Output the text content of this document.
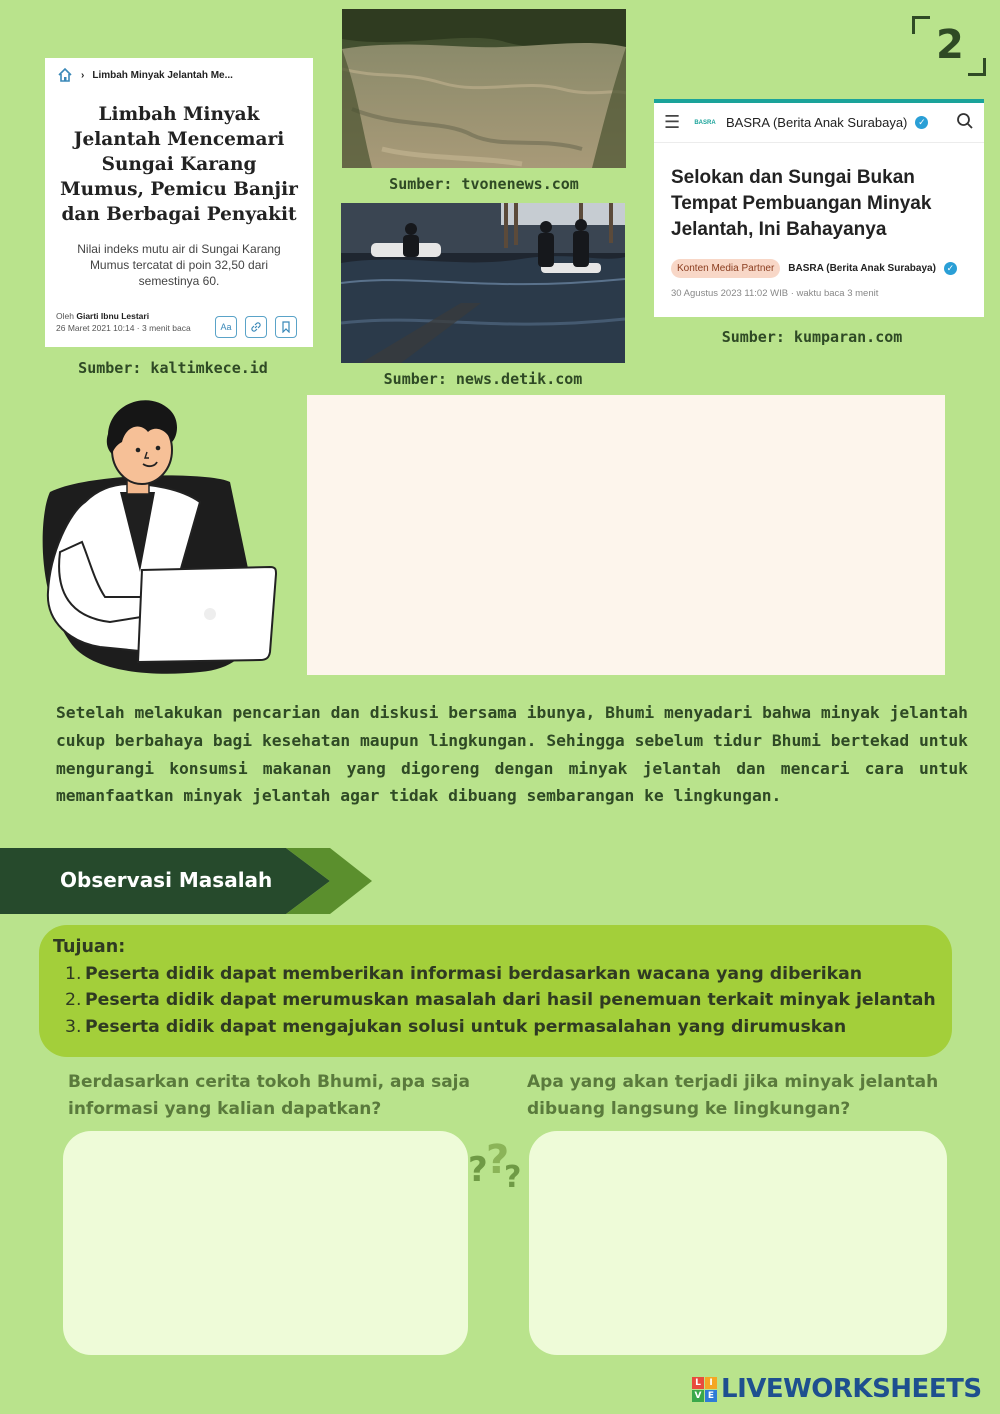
2
› Limbah Minyak Jelantah Me...
Limbah Minyak Jelantah Mencemari Sungai Karang Mumus, Pemicu Banjir dan Berbagai Penyakit
Nilai indeks mutu air di Sungai Karang Mumus tercatat di poin 32,50 dari semestinya 60.
Oleh Giarti Ibnu Lestari
26 Maret 2021 10:14 · 3 menit baca	Aa
Sumber: kaltimkece.id
Sumber: tvonenews.com
Sumber: news.detik.com
☰	BASRA BASRA (Berita Anak Surabaya)	✓
Selokan dan Sungai Bukan Tempat Pembuangan Minyak Jelantah, Ini Bahayanya
Konten Media Partner	BASRA (Berita Anak Surabaya)	✓
30 Agustus 2023 11:02 WIB · waktu baca 3 menit
Sumber: kumparan.com
Setelah melakukan pencarian dan diskusi bersama ibunya, Bhumi menyadari bahwa minyak jelantah cukup berbahaya bagi kesehatan maupun lingkungan. Sehingga sebelum tidur Bhumi bertekad untuk mengurangi konsumsi makanan yang digoreng dengan minyak jelantah dan mencari cara untuk memanfaatkan minyak jelantah agar tidak dibuang sembarangan ke lingkungan.
Observasi Masalah
Tujuan:
1. Peserta didik dapat memberikan informasi berdasarkan wacana yang diberikan
2. Peserta didik dapat merumuskan masalah dari hasil penemuan terkait minyak jelantah
3. Peserta didik dapat mengajukan solusi untuk permasalahan yang dirumuskan
Berdasarkan cerita tokoh Bhumi, apa saja informasi yang kalian dapatkan?
Apa yang akan terjadi jika minyak jelantah dibuang langsung ke lingkungan?
?
?
?
L I
V E LIVEWORKSHEETS
